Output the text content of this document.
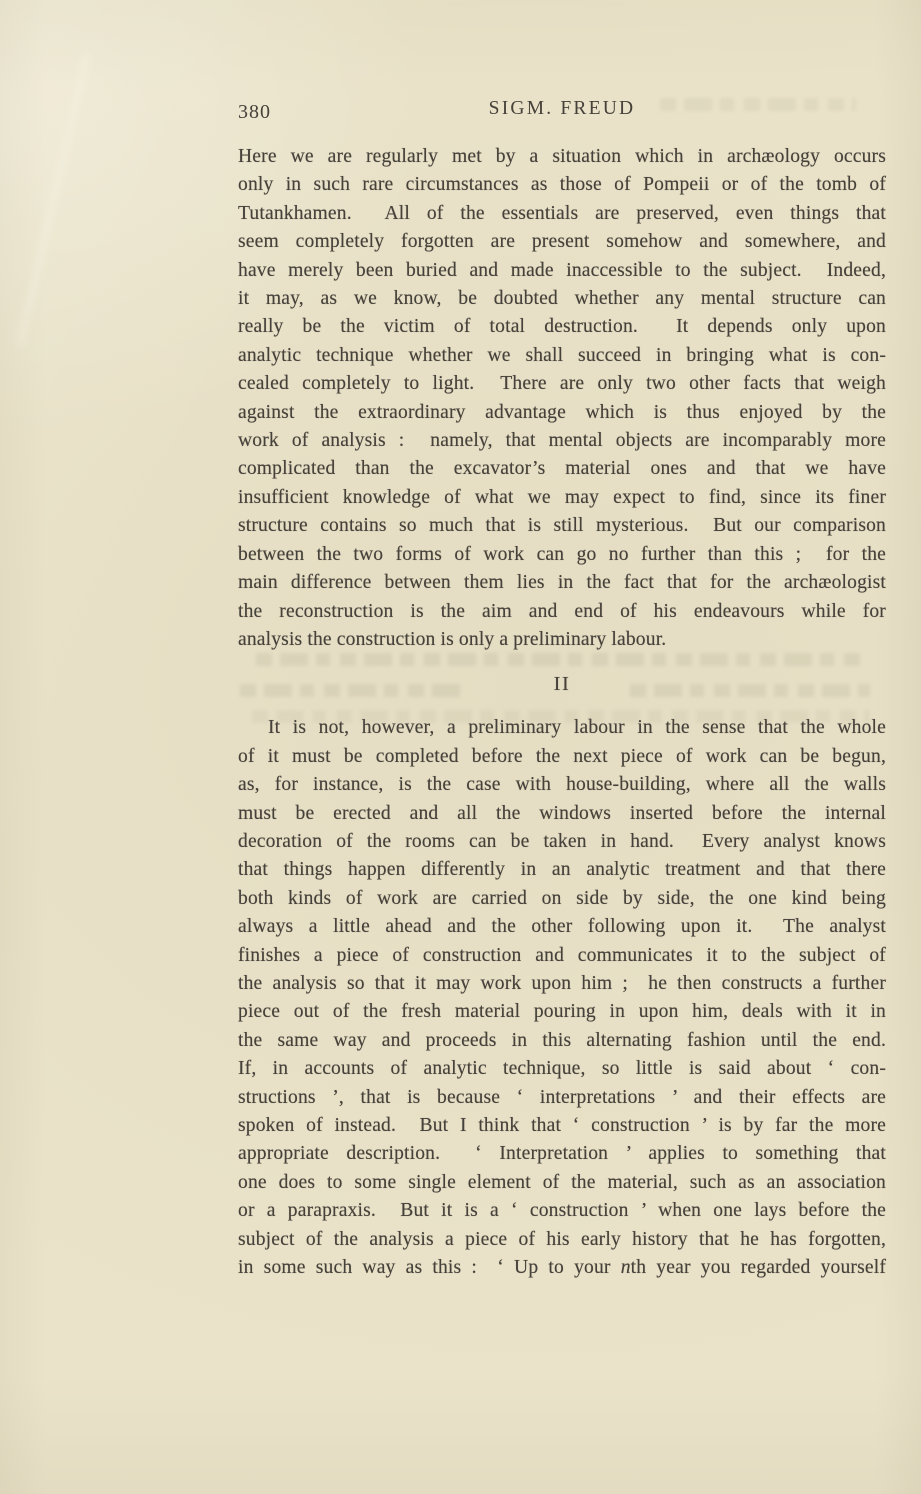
380	SIGM. FREUD
Here we are regularly met by a situation which in archæology occurs
only in such rare circumstances as those of Pompeii or of the tomb of
Tutankhamen.  All of the essentials are preserved, even things that
seem completely forgotten are present somehow and somewhere, and
have merely been buried and made inaccessible to the subject.  Indeed,
it may, as we know, be doubted whether any mental structure can
really be the victim of total destruction.  It depends only upon
analytic technique whether we shall succeed in bringing what is con-
cealed completely to light.  There are only two other facts that weigh
against the extraordinary advantage which is thus enjoyed by the
work of analysis :  namely, that mental objects are incomparably more
complicated than the excavator’s material ones and that we have
insufficient knowledge of what we may expect to find, since its finer
structure contains so much that is still mysterious.  But our comparison
between the two forms of work can go no further than this ;  for the
main difference between them lies in the fact that for the archæologist
the reconstruction is the aim and end of his endeavours while for
analysis the construction is only a preliminary labour.
II
It is not, however, a preliminary labour in the sense that the whole
of it must be completed before the next piece of work can be begun,
as, for instance, is the case with house-building, where all the walls
must be erected and all the windows inserted before the internal
decoration of the rooms can be taken in hand.  Every analyst knows
that things happen differently in an analytic treatment and that there
both kinds of work are carried on side by side, the one kind being
always a little ahead and the other following upon it.  The analyst
finishes a piece of construction and communicates it to the subject of
the analysis so that it may work upon him ;  he then constructs a further
piece out of the fresh material pouring in upon him, deals with it in
the same way and proceeds in this alternating fashion until the end.
If, in accounts of analytic technique, so little is said about ‘ con-
structions ’, that is because ‘ interpretations ’ and their effects are
spoken of instead.  But I think that ‘ construction ’ is by far the more
appropriate description.  ‘ Interpretation ’ applies to something that
one does to some single element of the material, such as an association
or a parapraxis.  But it is a ‘ construction ’ when one lays before the
subject of the analysis a piece of his early history that he has forgotten,
in some such way as this :  ‘ Up to your nth year you regarded yourself
